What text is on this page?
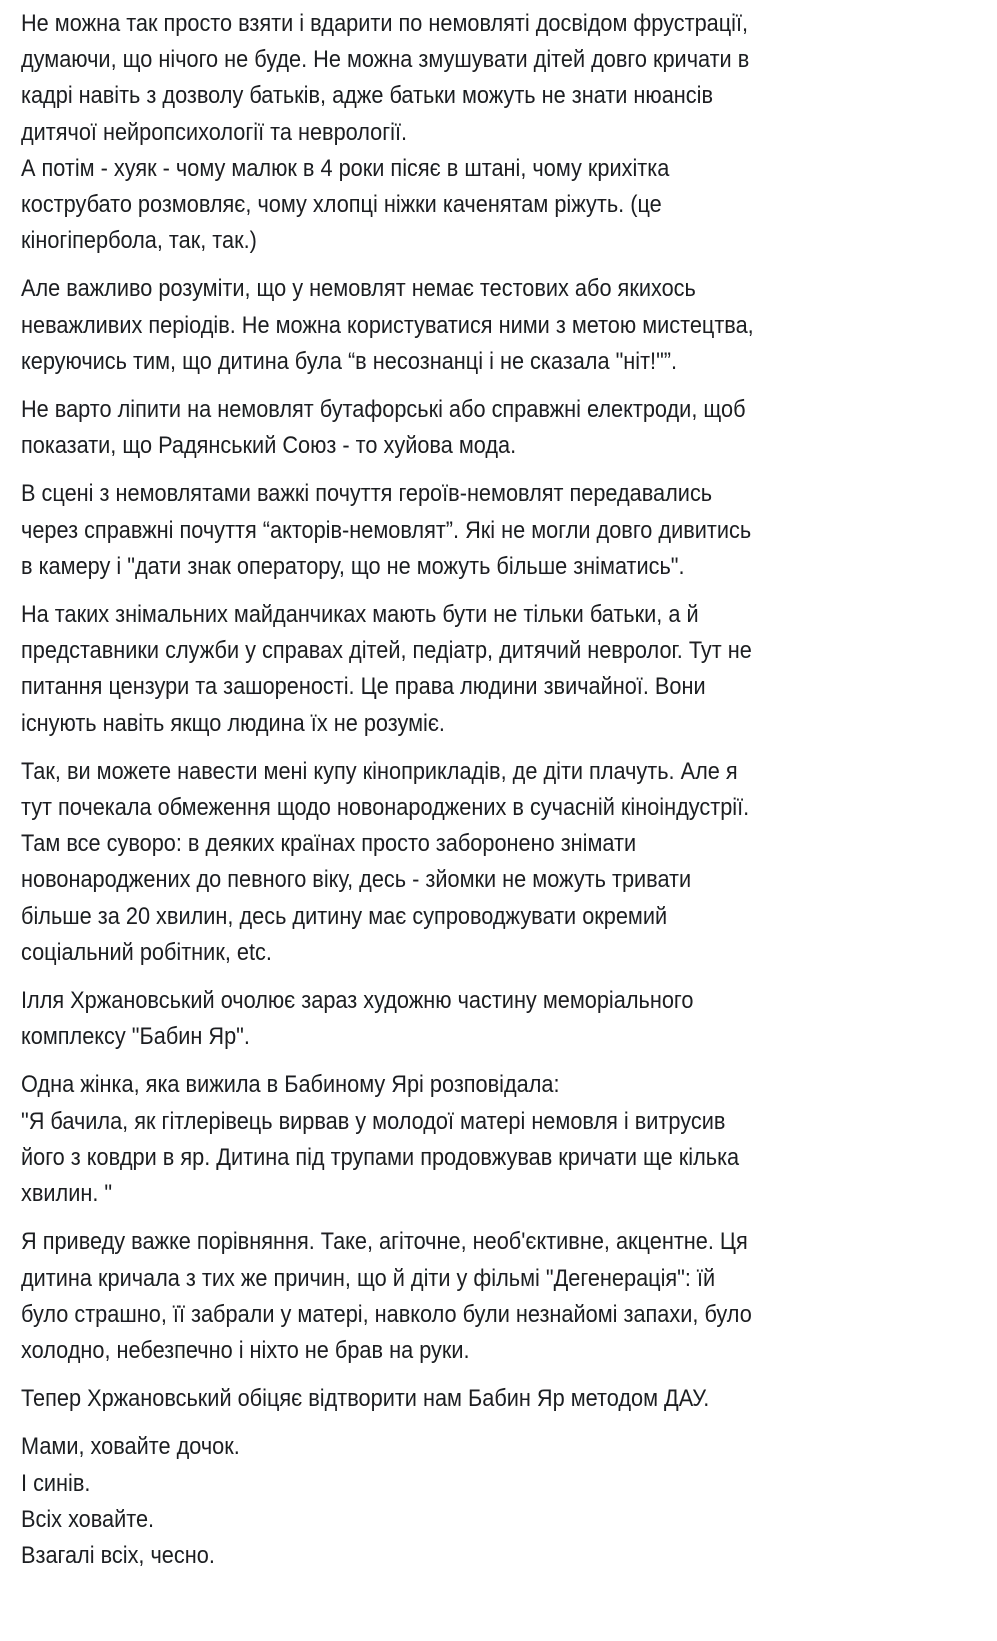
Не можна так просто взяти і вдарити по немовляті досвідом фрустрації,
думаючи, що нічого не буде. Не можна змушувати дітей довго кричати в
кадрі навіть з дозволу батьків, адже батьки можуть не знати нюансів
дитячої нейропсихології та неврології.
А потім - хуяк - чому малюк в 4 роки пісяє в штані, чому крихітка
кострубато розмовляє, чому хлопці ніжки каченятам ріжуть. (це
кіногіпербола, так, так.)

Але важливо розуміти, що у немовлят немає тестових або якихось
неважливих періодів. Не можна користуватися ними з метою мистецтва,
керуючись тим, що дитина була “в несознанці і не сказала "ніт!"”.

Не варто ліпити на немовлят бутафорські або справжні електроди, щоб
показати, що Радянський Союз - то хуйова мода.

В сцені з немовлятами важкі почуття героїв-немовлят передавались
через справжні почуття “акторів-немовлят”. Які не могли довго дивитись
в камеру і "дати знак оператору, що не можуть більше зніматись".

На таких знімальних майданчиках мають бути не тільки батьки, а й
представники служби у справах дітей, педіатр, дитячий невролог. Тут не
питання цензури та зашореності. Це права людини звичайної. Вони
існують навіть якщо людина їх не розуміє.

Так, ви можете навести мені купу кінoприкладів, де діти плачуть. Але я
тут почекала обмеження щодо новонароджених в сучасній кіноіндустрії.
Там все суворо: в деяких країнах просто заборонено знімати
новонароджених до певного віку, десь - зйомки не можуть тривати
більше за 20 хвилин, десь дитину має супроводжувати окремий
соціальний робітник, etc.

Ілля Хржановський очолює зараз художню частину меморіального
комплексу "Бабин Яр".

Одна жінка, яка вижила в Бабиному Ярі розповідала:
"Я бачила, як гітлерівець вирвав у молодої матері немовля і витрусив
його з ковдри в яр. Дитина під трупами продовжував кричати ще кілька
хвилин. "

Я приведу важке порівняння. Таке, агіточне, необ'єктивне, акцентне. Ця
дитина кричала з тих же причин, що й діти у фільмі "Дегенерація": їй
було страшно, її забрали у матері, навколо були незнайомі запахи, було
холодно, небезпечно і ніхто не брав на руки.

Тепер Хржановський обіцяє відтворити нам Бабин Яр методом ДАУ.

Мами, ховайте дочок.
І синів.
Всіх ховайте.
Взагалі всіх, чесно.
